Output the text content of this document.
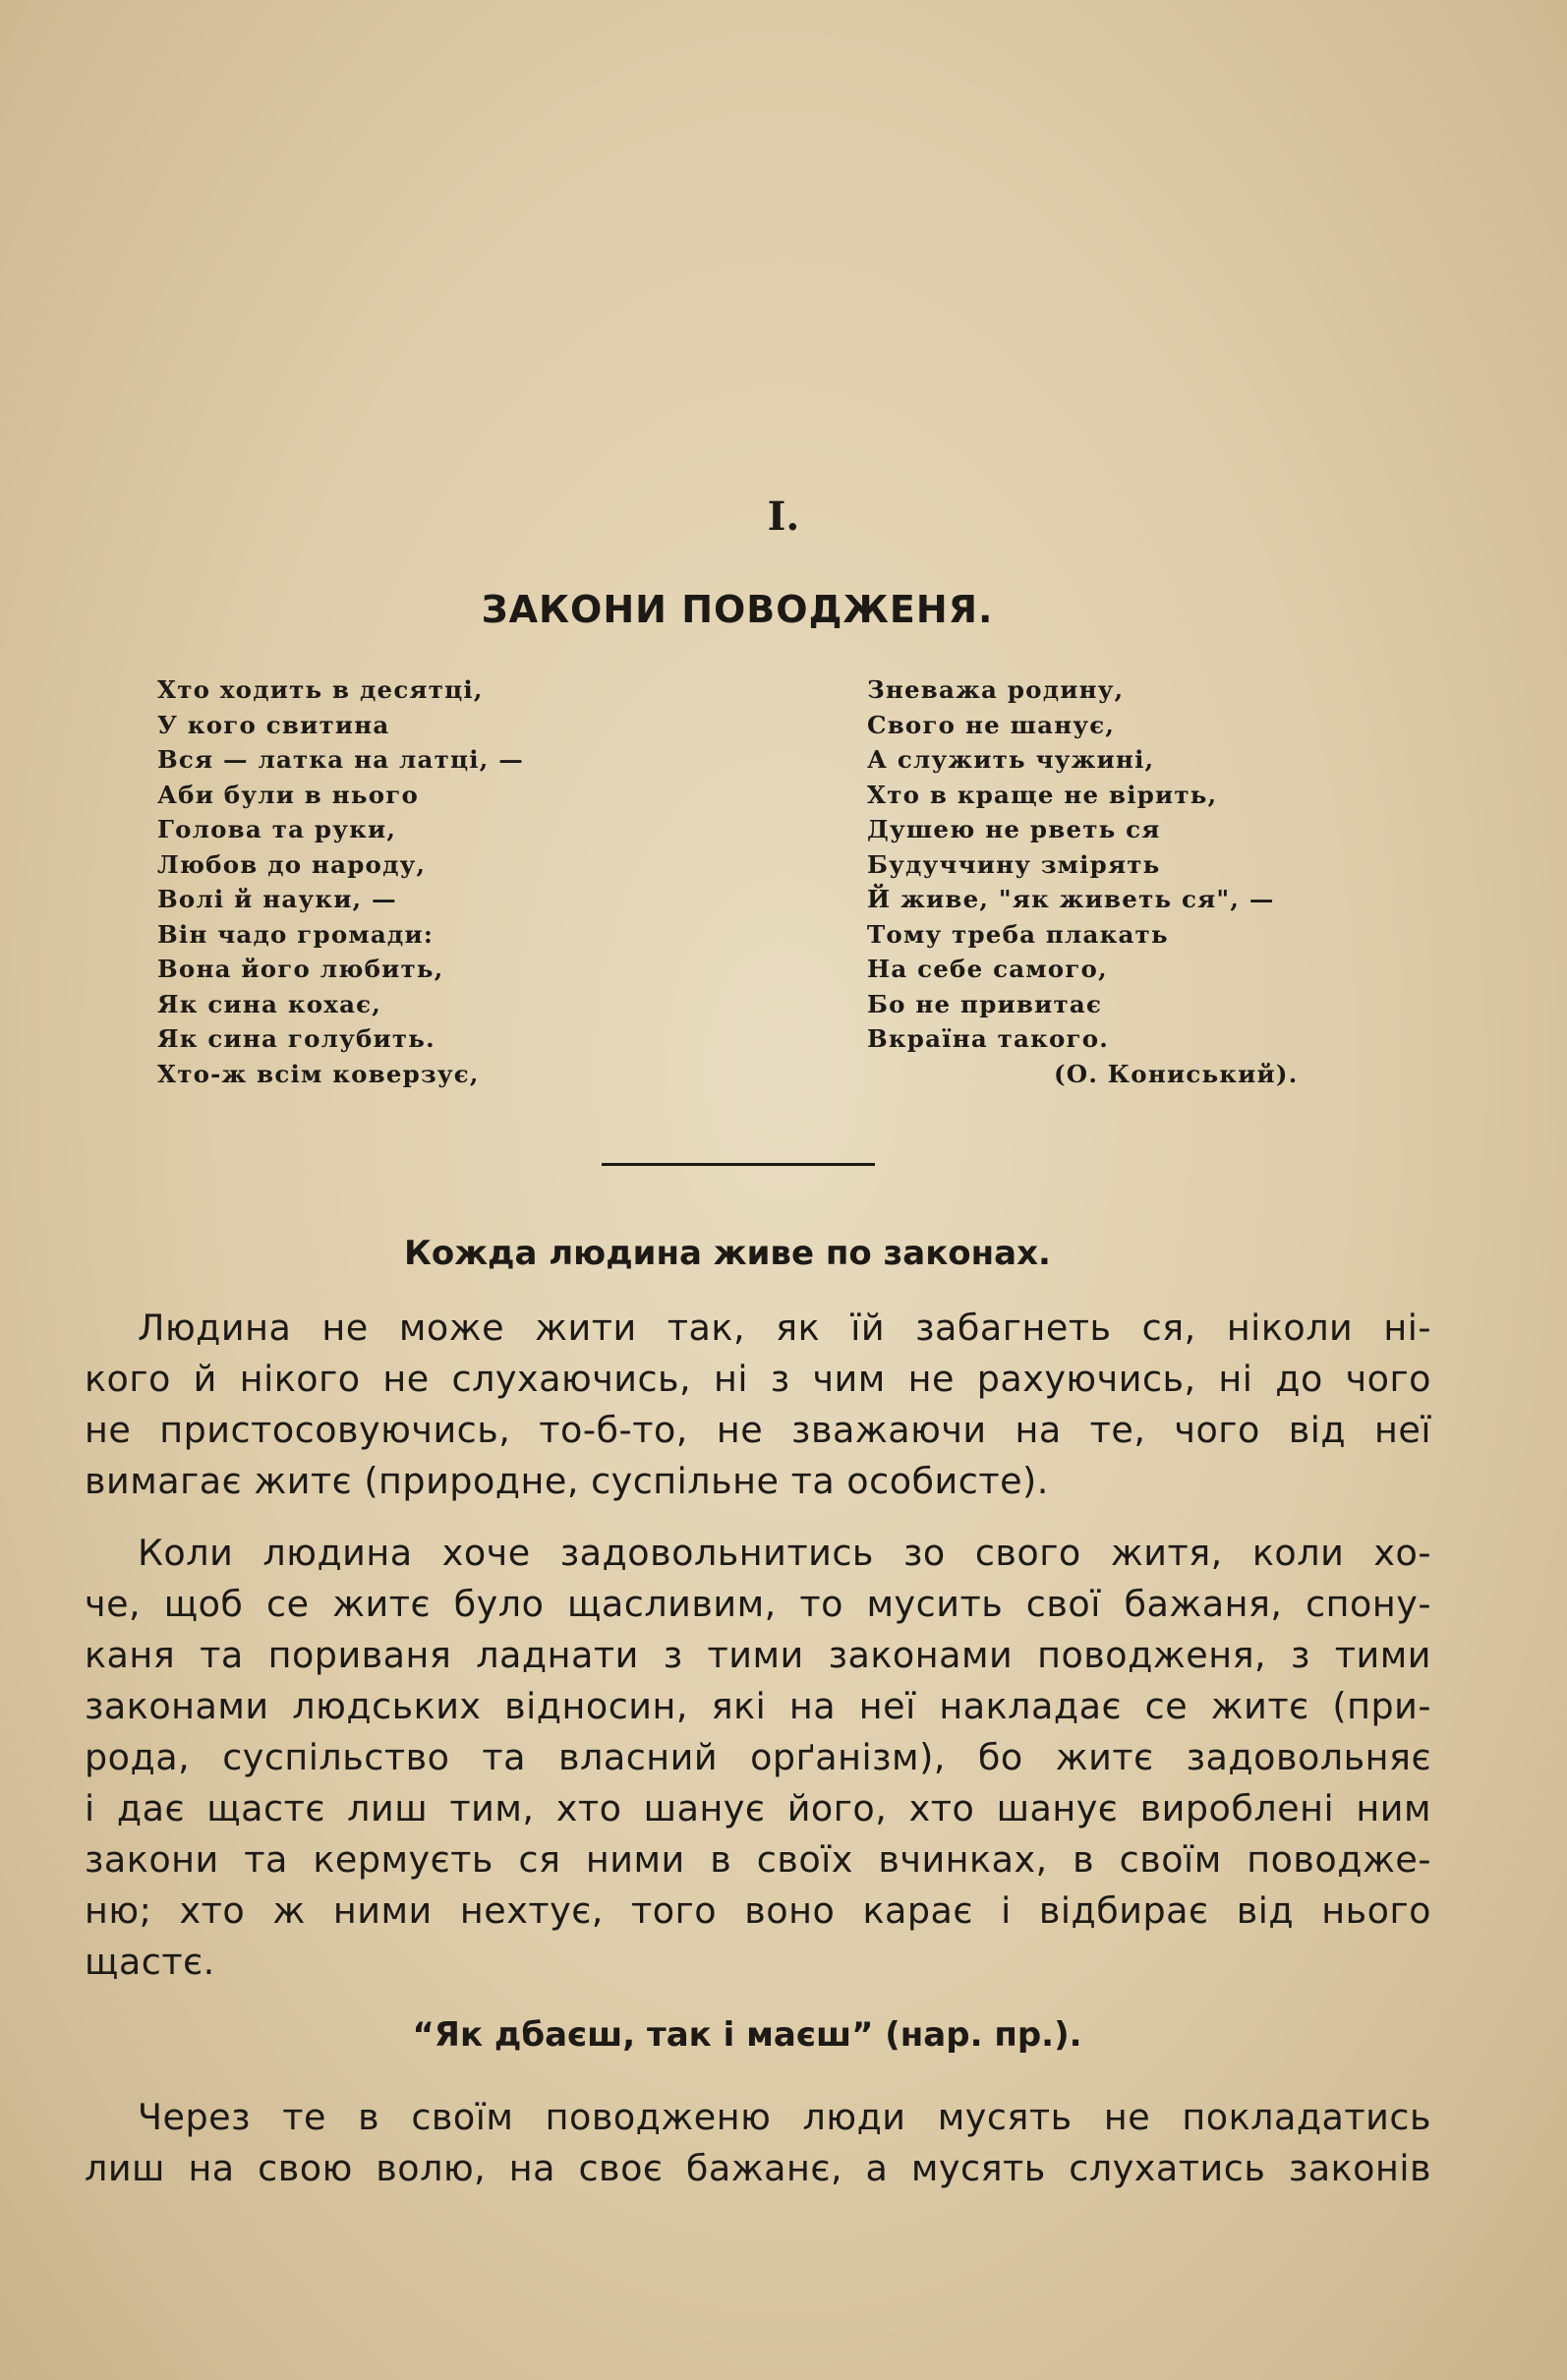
I.
ЗАКОНИ ПОВОДЖЕНЯ.
Хто ходить в десятці,
У кого свитина
Вся — латка на латці, —
Аби були в нього
Голова та руки,
Любов до народу,
Волі й науки, —
Він чадо громади:
Вона його любить,
Як сина кохає,
Як сина голубить.
Хто-ж всім коверзує,
Зневажа родину,
Свого не шанує,
А служить чужині,
Хто в краще не вірить,
Душею не рветь ся
Будуччину змірять
Й живе, "як живеть ся", —
Тому треба плакать
На себе самого,
Бо не привитає
Вкраїна такого.
(О. Кониський).
Кожда людина живе по законах.
Людина не може жити так, як їй забагнеть ся, ніколи ні-
кого й нікого не слухаючись, ні з чим не рахуючись, ні до чого
не пристосовуючись, то-б-то, не зважаючи на те, чого від неї
вимагає житє (природне, суспільне та особисте).
Коли людина хоче задовольнитись зо свого житя, коли хо-
че, щоб се житє було щасливим, то мусить свої бажаня, спону-
каня та пориваня ладнати з тими законами поводженя, з тими
законами людських відносин, які на неї накладає се житє (при-
рода, суспільство та власний орґанізм), бо житє задовольняє
і дає щастє лиш тим, хто шанує його, хто шанує вироблені ним
закони та кермуєть ся ними в своїх вчинках, в своїм поводже-
ню; хто ж ними нехтує, того воно карає і відбирає від нього
щастє.
“Як дбаєш, так і маєш” (нар. пр.).
Через те в своїм поводженю люди мусять не покладатись
лиш на свою волю, на своє бажанє, а мусять слухатись законів
